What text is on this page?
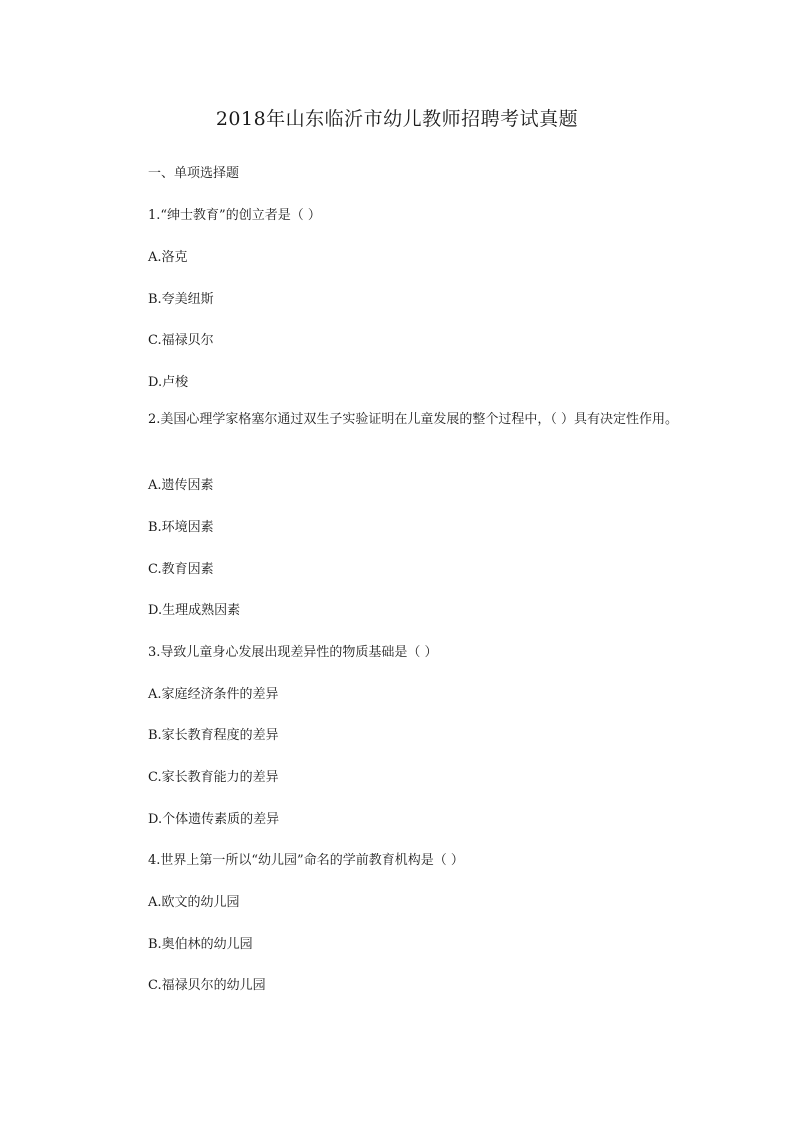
2018年山东临沂市幼儿教师招聘考试真题
一、单项选择题
1.“绅士教育”的创立者是（ ）
A.洛克
B.夸美纽斯
C.福禄贝尔
D.卢梭
2.美国心理学家格塞尔通过双生子实验证明在儿童发展的整个过程中，（ ）具有决定性作用。
A.遗传因素
B.环境因素
C.教育因素
D.生理成熟因素
3.导致儿童身心发展出现差异性的物质基础是（ ）
A.家庭经济条件的差异
B.家长教育程度的差异
C.家长教育能力的差异
D.个体遗传素质的差异
4.世界上第一所以“幼儿园”命名的学前教育机构是（ ）
A.欧文的幼儿园
B.奥伯林的幼儿园
C.福禄贝尔的幼儿园
